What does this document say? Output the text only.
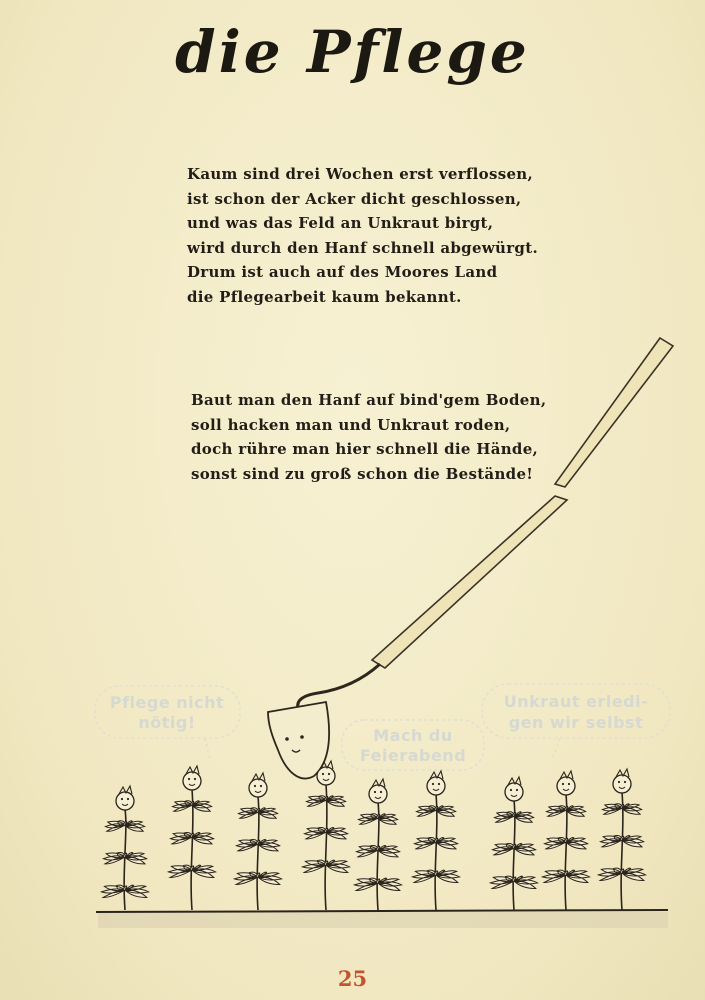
die Pflege
Kaum sind drei Wochen erst verflossen,
ist schon der Acker dicht geschlossen,
und was das Feld an Unkraut birgt,
wird durch den Hanf schnell abgewürgt.
Drum ist auch auf des Moores Land
die Pflegearbeit kaum bekannt.
Baut man den Hanf auf bind'gem Boden,
soll hacken man und Unkraut roden,
doch rühre man hier schnell die Hände,
sonst sind zu groß schon die Bestände!
Pflege nicht
nötig!
Mach du
Feierabend
Unkraut erledi-
gen wir selbst
25
